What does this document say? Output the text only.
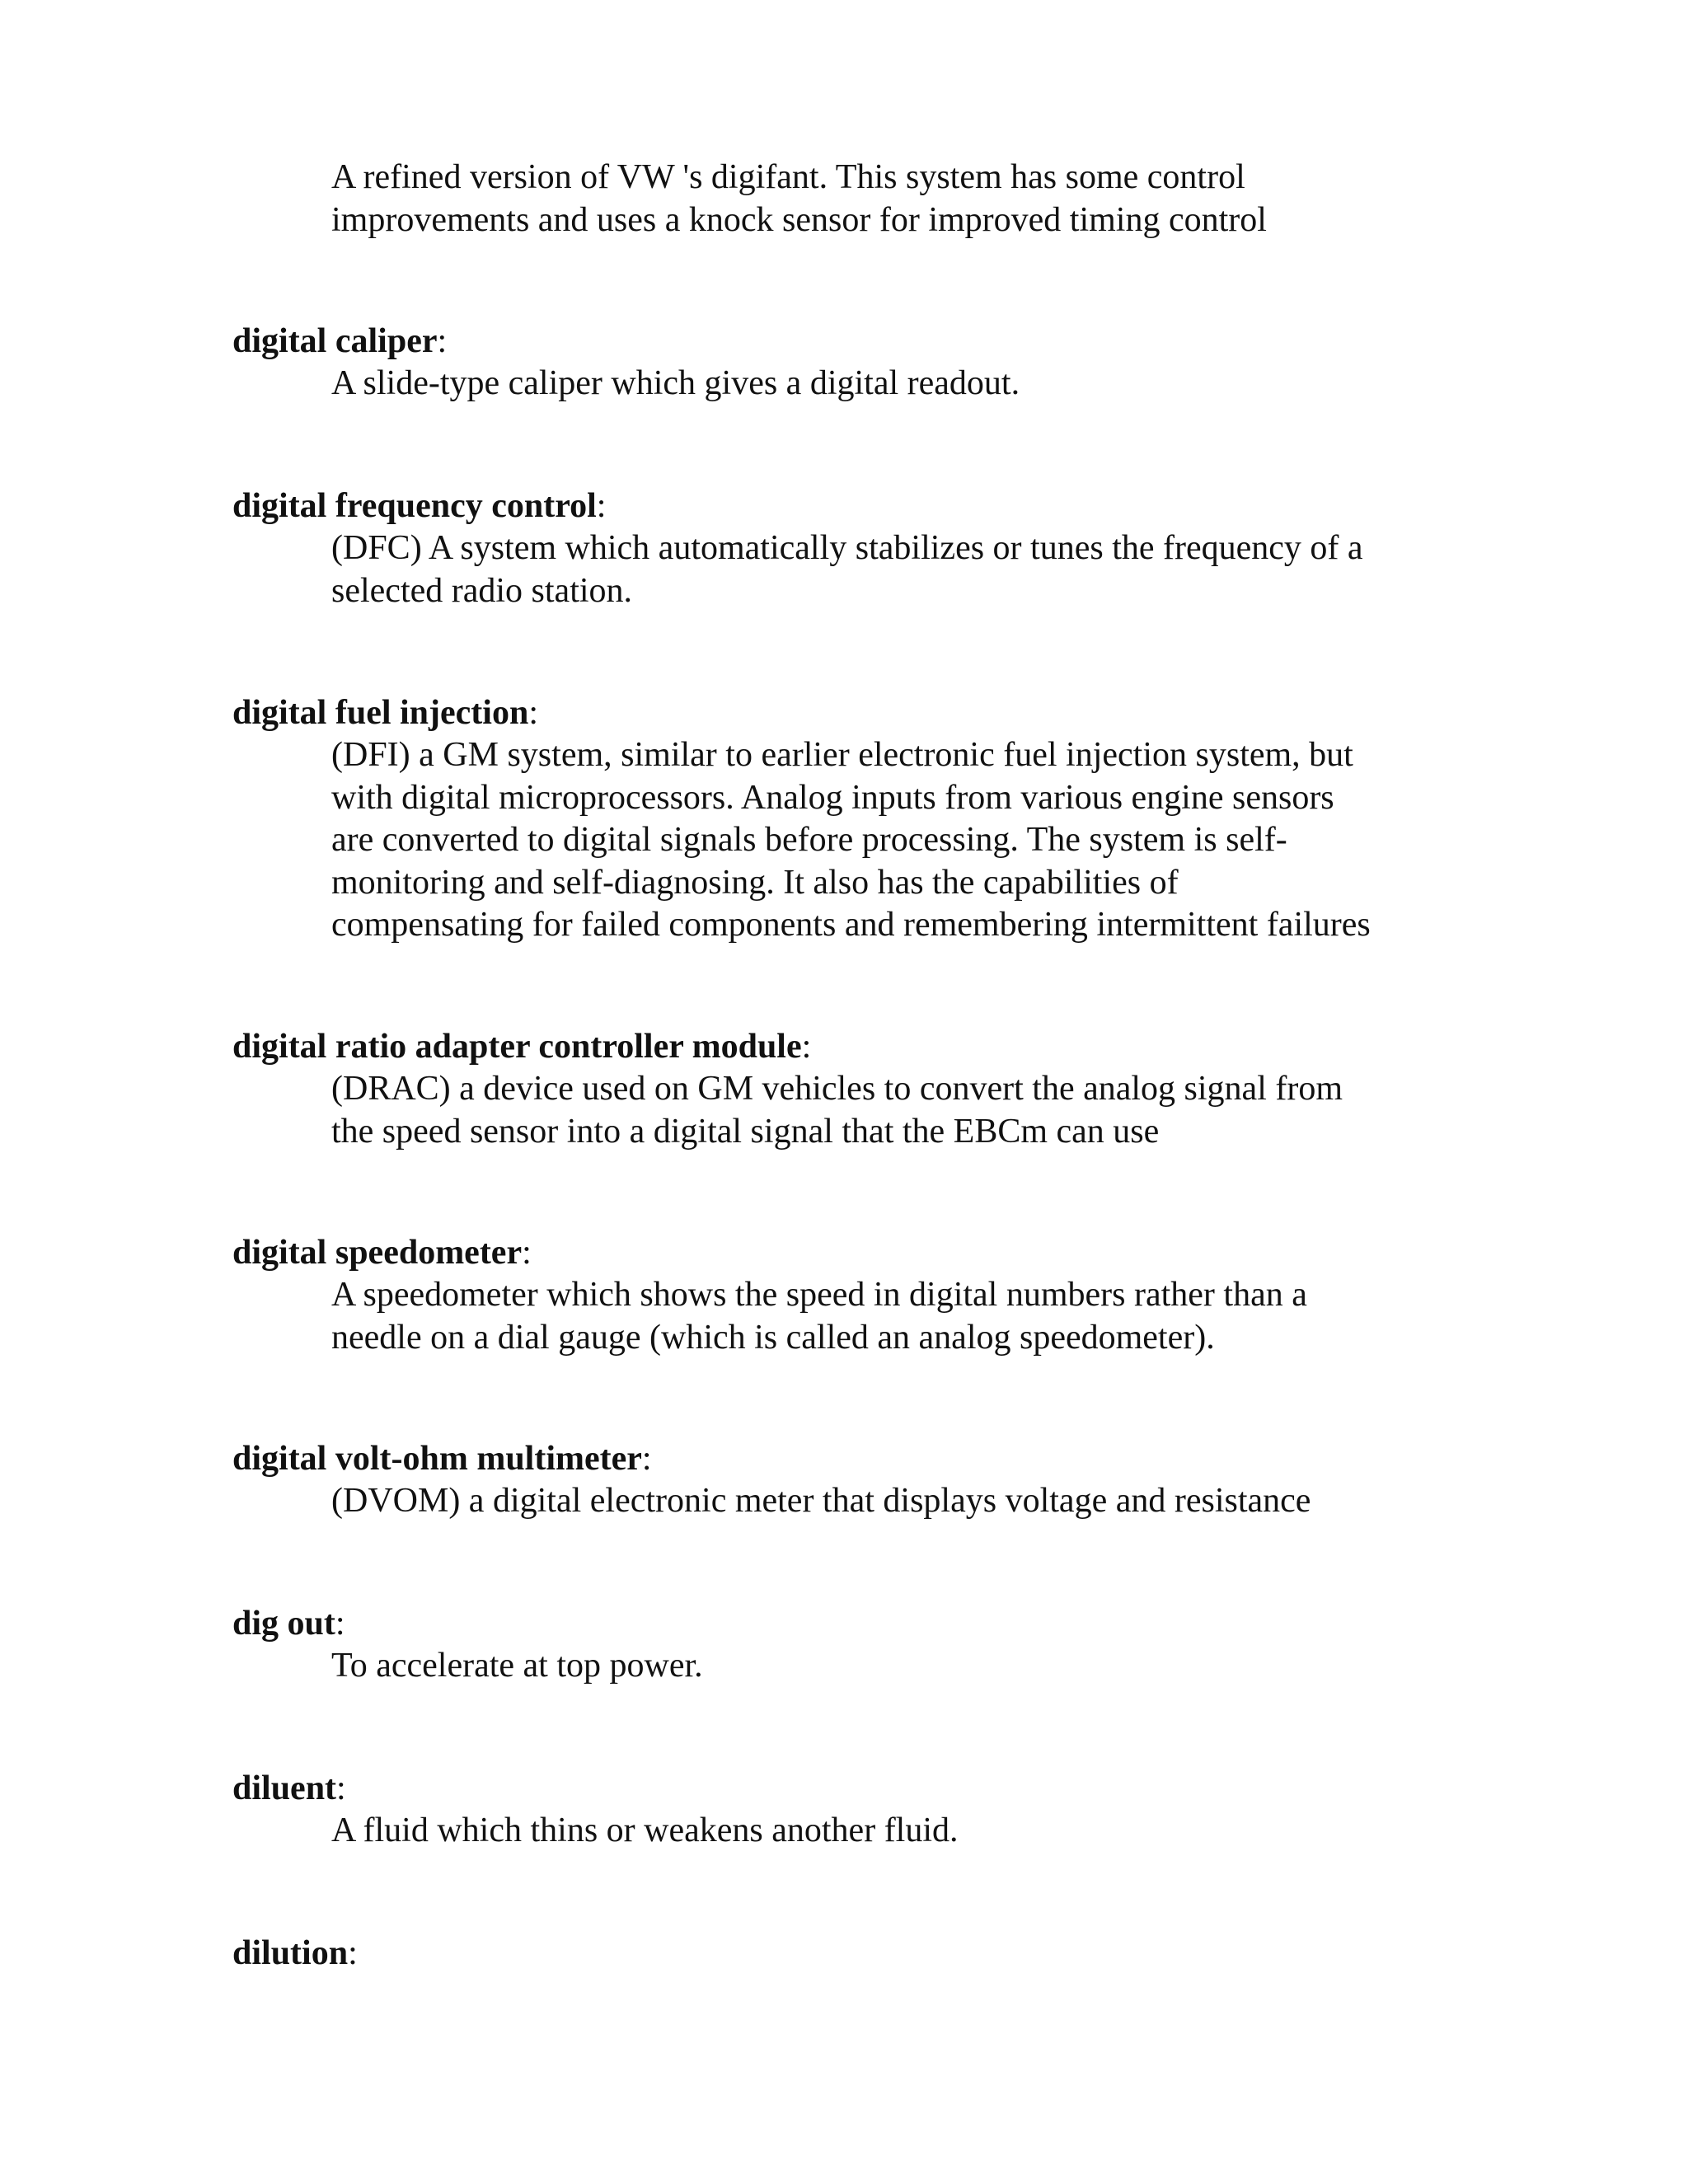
A refined version of VW 's digifant. This system has some control
improvements and uses a knock sensor for improved timing control
digital caliper:
A slide-type caliper which gives a digital readout.
digital frequency control:
(DFC) A system which automatically stabilizes or tunes the frequency of a
selected radio station.
digital fuel injection:
(DFI) a GM system, similar to earlier electronic fuel injection system, but
with digital microprocessors. Analog inputs from various engine sensors
are converted to digital signals before processing. The system is self-
monitoring and self-diagnosing. It also has the capabilities of
compensating for failed components and remembering intermittent failures
digital ratio adapter controller module:
(DRAC) a device used on GM vehicles to convert the analog signal from
the speed sensor into a digital signal that the EBCm can use
digital speedometer:
A speedometer which shows the speed in digital numbers rather than a
needle on a dial gauge (which is called an analog speedometer).
digital volt-ohm multimeter:
(DVOM) a digital electronic meter that displays voltage and resistance
dig out:
To accelerate at top power.
diluent:
A fluid which thins or weakens another fluid.
dilution:
